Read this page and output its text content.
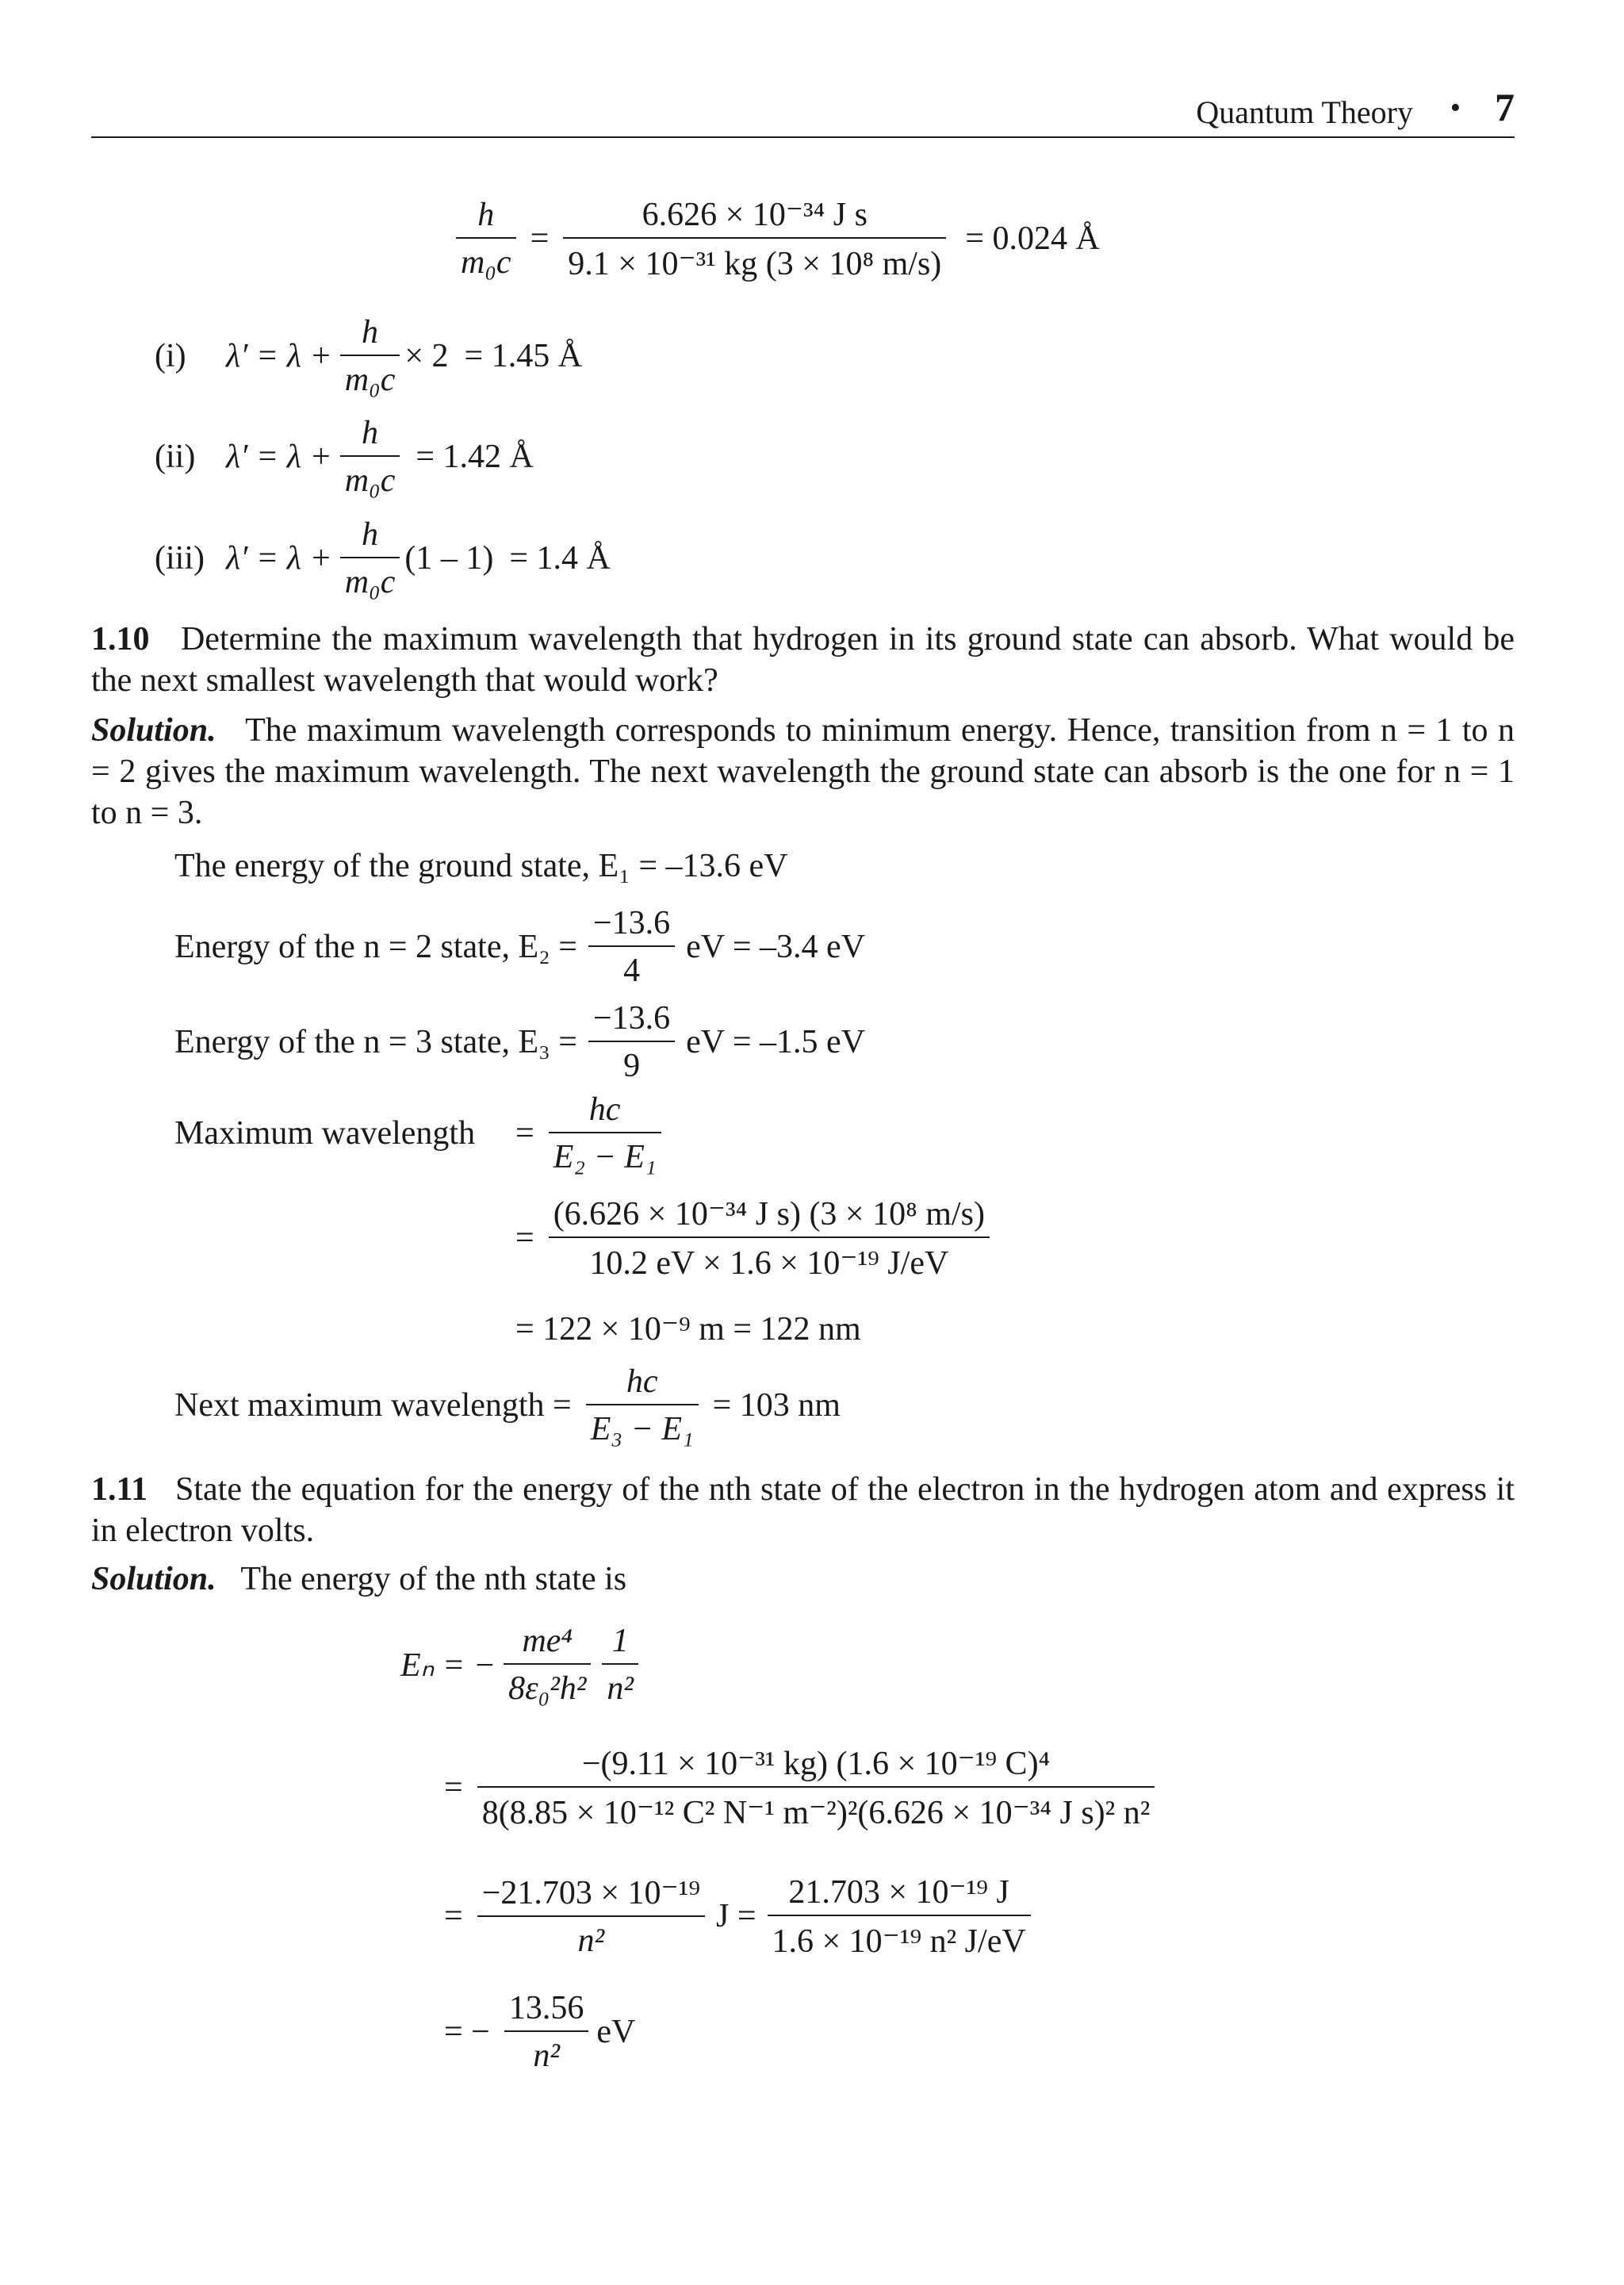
Quantum Theory • 7
$\frac{h}{\text{m₀c}} = \frac{\text{6.626 × 10⁻³⁴ J s}}{\text{9.1 × 10⁻³¹ kg (3 × 10⁸ m/s)}} = 0.024$ Å
(i)	$\lambda' = \lambda + \frac{h}{\text{m₀c}} \times 2 = 1.45$ Å
(ii) $\lambda' = \lambda + \frac{h}{\text{m₀c}} = 1.42$ Å
(iii) $\lambda' = \lambda + \frac{h}{\text{m₀c}} (1 - 1) = 1.4$ Å
1.10 Determine the maximum wavelength that hydrogen in its ground state can absorb. What would be the next smallest wavelength that would work?
Solution. The maximum wavelength corresponds to minimum energy. Hence, transition from n = 1 to n = 2 gives the maximum wavelength. The next wavelength the ground state can absorb is the one for n = 1 to n = 3.
The energy of the ground state, E₁ = –13.6 eV
Energy of the n = 2 state, $E_2 = \frac{-13.6}{4}$ eV = –3.4 eV
Energy of the n = 3 state, $E_3 = \frac{-13.6}{9}$ eV = –1.5 eV
Maximum wavelength	= $\frac{hc}{\text{E₂ − E₁}}$
= $\frac{\text{(6.626 × 10⁻³⁴ J s) (3 × 10⁸ m/s)}}{\text{10.2 eV × 1.6 × 10⁻¹⁹ J/eV}}$
= 122 × 10⁻⁹ m = 122 nm
Next maximum wavelength = $\frac{hc}{\text{E₃ − E₁}} = 103$ nm
1.11 State the equation for the energy of the nth state of the electron in the hydrogen atom and express it in electron volts.
Solution. The energy of the nth state is
Eₙ = − $\frac{\text{me⁴}}{\text{8ε₀²h²}} \frac{1}{\text{n²}}$
= $\frac{\text{−(9.11 × 10⁻³¹ kg) (1.6 × 10⁻¹⁹ C)⁴}}{\text{8(8.85 × 10⁻¹² C² N⁻¹ m⁻²)²(6.626 × 10⁻³⁴ J s)² n²}}$
= $\frac{\text{−21.703 × 10⁻¹⁹}}{\text{n²}}$ $J = \frac{\text{21.703 × 10⁻¹⁹ J}}{\text{1.6 × 10⁻¹⁹ n² J/eV}}$
= − $\frac{13.56}{\text{n²}}$ eV
